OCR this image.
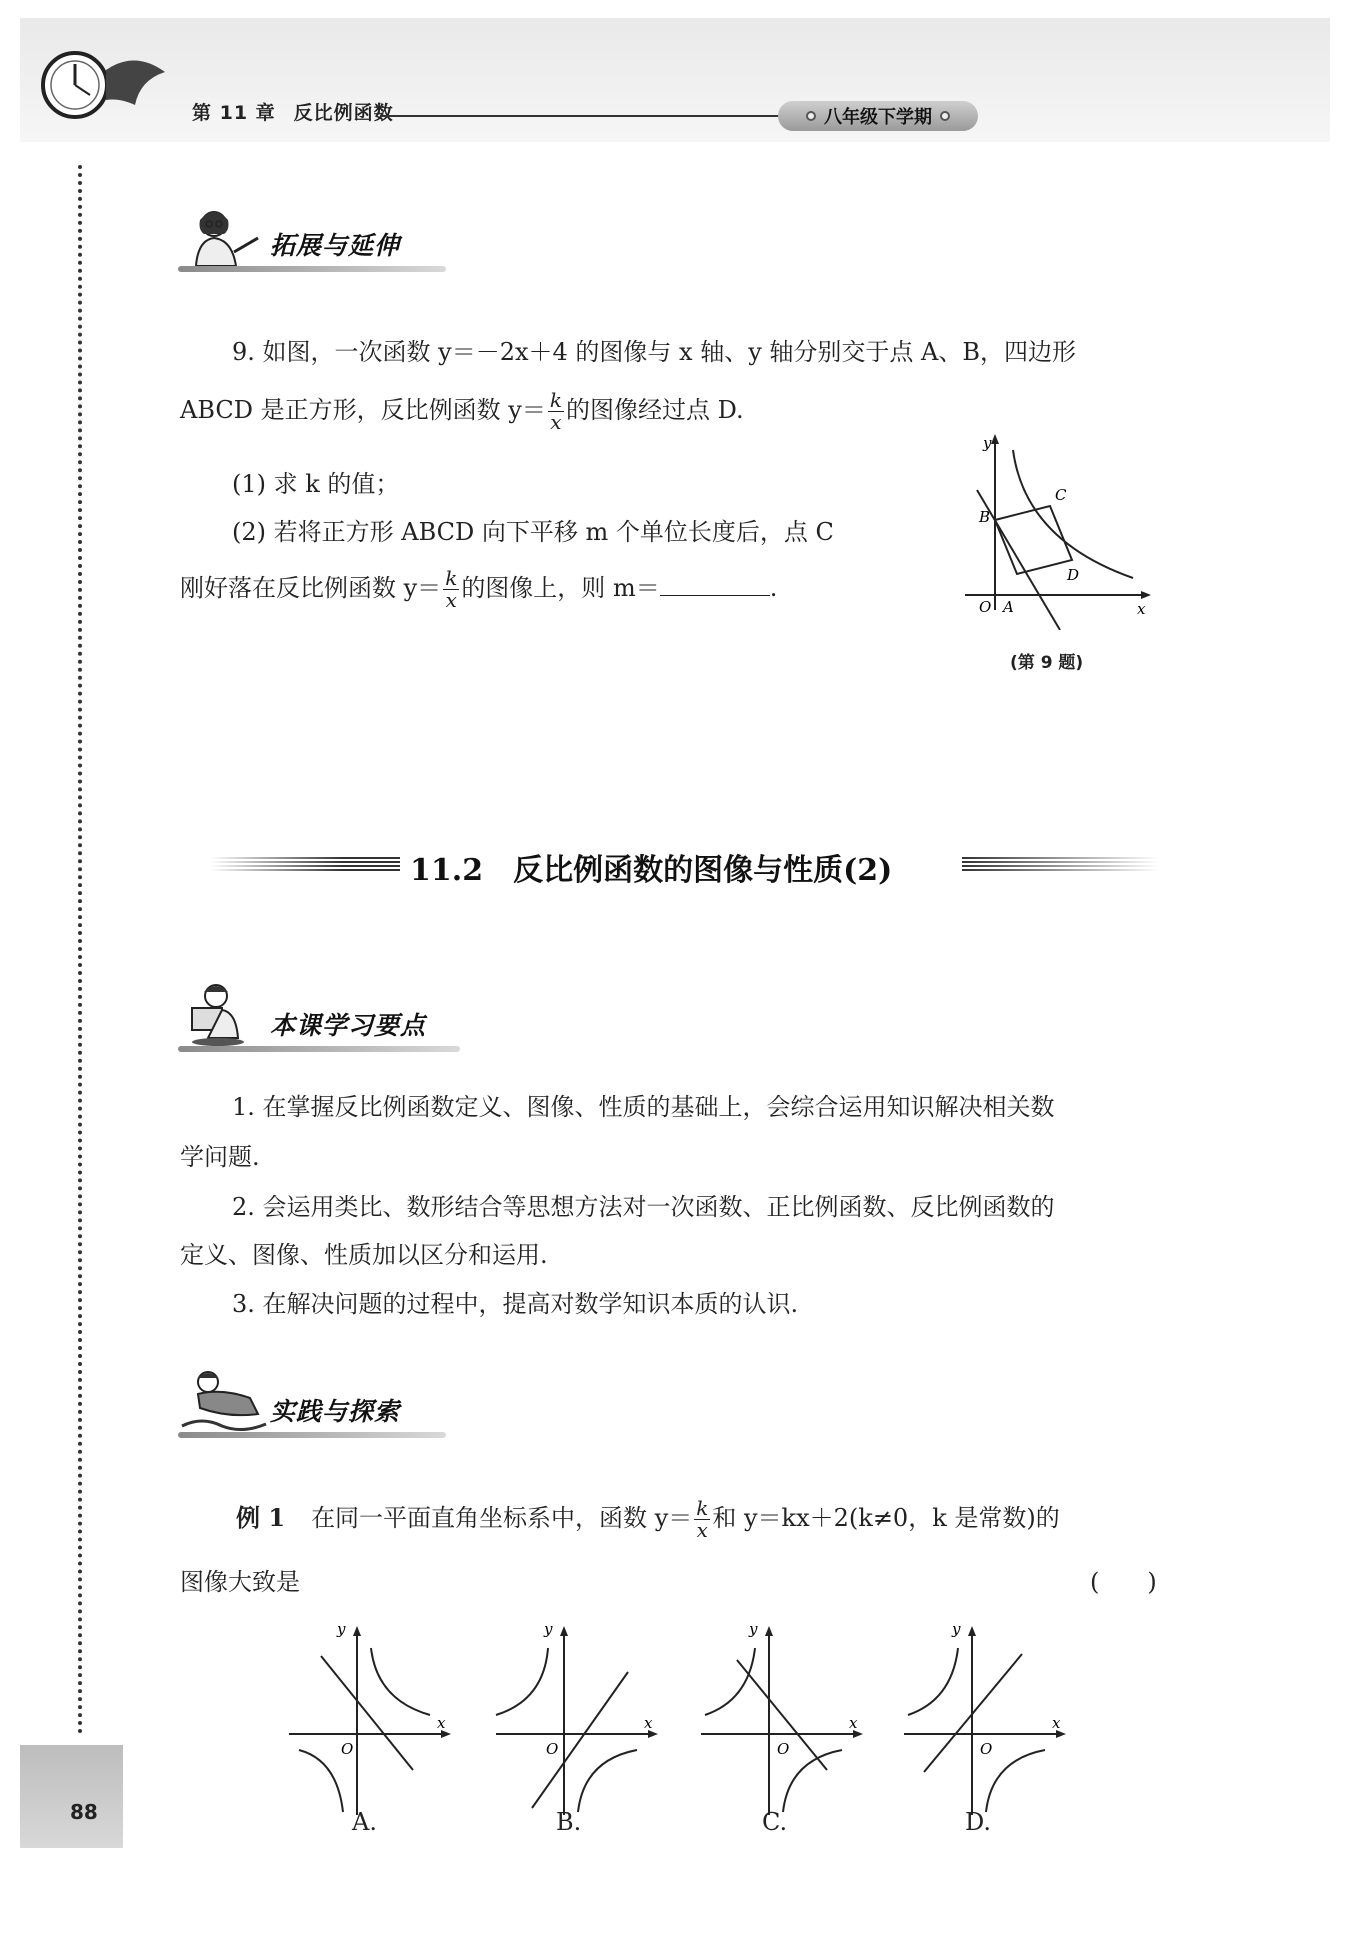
第 11 章 反比例函数	八年级下学期
拓展与延伸
9. 如图，一次函数 y＝－2x＋4 的图像与 x 轴、y 轴分别交于点 A、B，四边形
ABCD 是正方形，反比例函数 $y= \frac{k}{x}$ 的图像经过点 D.
(1) 求 k 的值；
(2) 若将正方形 ABCD 向下平移 m 个单位长度后，点 C
刚好落在反比例函数 $y= \frac{k}{x}$ 的图像上，则 m＝	.
y
x
O A
B
C
D
(第 9 题)
11.2　反比例函数的图像与性质(2)
本课学习要点
1. 在掌握反比例函数定义、图像、性质的基础上，会综合运用知识解决相关数
学问题.
2. 会运用类比、数形结合等思想方法对一次函数、正比例函数、反比例函数的
定义、图像、性质加以区分和运用.
3. 在解决问题的过程中，提高对数学知识本质的认识.
实践与探索
例 1 在同一平面直角坐标系中，函数 $y= \frac{k}{x}$ 和 y＝kx＋2(k≠0，k 是常数)的
图像大致是	(　　)
y
x
O
y
x
O
y
x
O
y
x
O
A.	B.	C.	D.
88
